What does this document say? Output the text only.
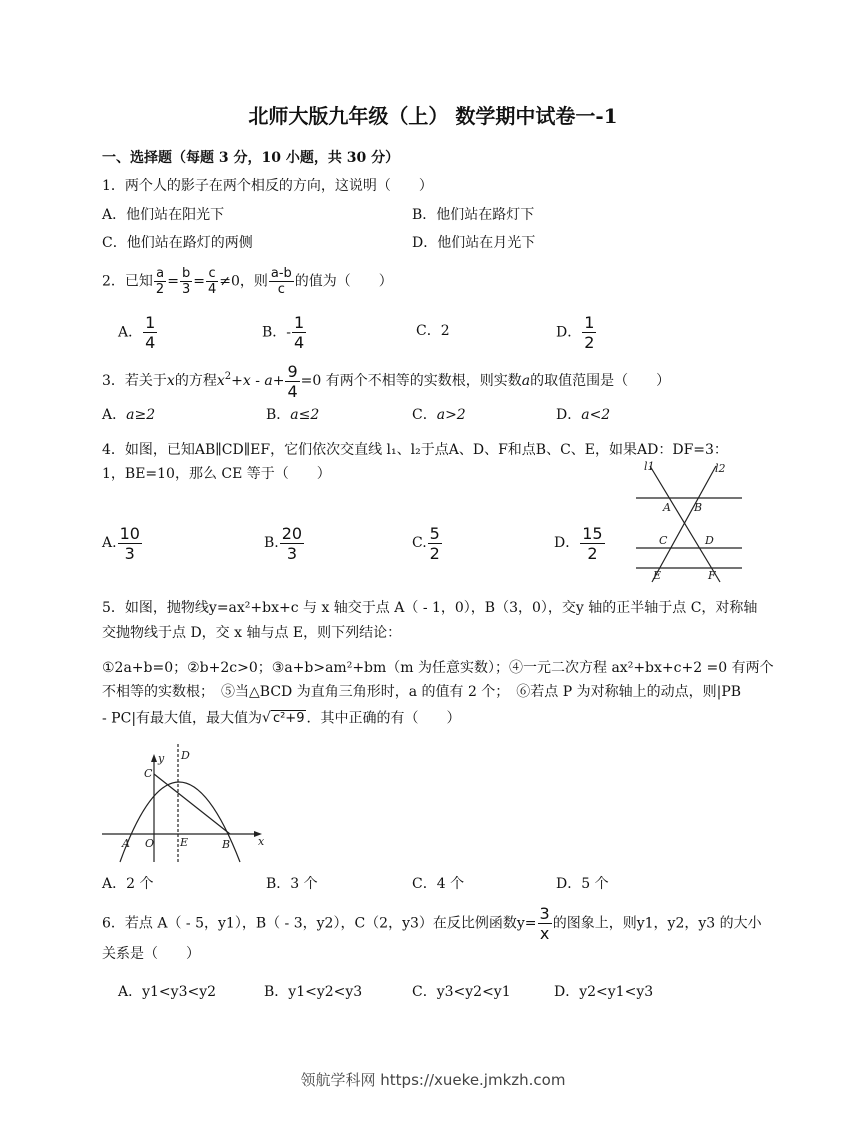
北师大版九年级（上） 数学期中试卷一-1
一、选择题（每题 3 分，10 小题，共 30 分）
1．两个人的影子在两个相反的方向，这说明（　　）
A．他们站在阳光下	B．他们站在路灯下
C．他们站在路灯的两侧	D．他们站在月光下
2．已知 $\frac{a}{2} = \frac{b}{3} = \frac{c}{4} \ne 0$，则 $\frac{a-b}{c}$ 的值为（　　）
A． $\frac{1}{4}$	B．- $\frac{1}{4}$	C．2	D． $\frac{1}{2}$
3．若关于x的方程$x^2+x - a+ \frac{9}{4} =0$ 有两个不相等的实数根，则实数a的取值范围是（　　）
A．a≥2	B．a≤2	C．a>2	D．a<2
4．如图，已知AB∥CD∥EF，它们依次交直线 l₁、l₂于点A、D、F和点B、C、E，如果AD：DF=3：
1，BE=10，那么 CE 等于（　　）
A. $\frac{10}{3}$	B. $\frac{20}{3}$	C. $\frac{5}{2}$	D． $\frac{15}{2}$
l1	l2
A B
C	D
E	F
5．如图，抛物线y=ax²+bx+c 与 x 轴交于点 A（ - 1，0），B（3，0），交y 轴的正半轴于点 C，对称轴
交抛物线于点 D，交 x 轴与点 E，则下列结论：
①2a+b=0；②b+2c>0；③a+b>am²+bm（m 为任意实数）；④一元二次方程 ax²+bx+c+2 =0 有两个
不相等的实数根；　⑤当△BCD 为直角三角形时，a 的值有 2 个；　⑥若点 P 为对称轴上的动点，则|PB
- PC|有最大值，最大值为√ c²+9 ．其中正确的有（　　）
y
x
C
D
A O E	B
A．2 个	B．3 个	C．4 个	D．5 个
6．若点 A（ - 5，y1），B（ - 3，y2），C（2，y3）在反比例函数$y= \frac{3}{x}$ 的图象上，则y1，y2，y3 的大小
关系是（　　）
A．y1<y3<y2	B．y1<y2<y3	C．y3<y2<y1	D．y2<y1<y3
领航学科网 https://xueke.jmkzh.com
